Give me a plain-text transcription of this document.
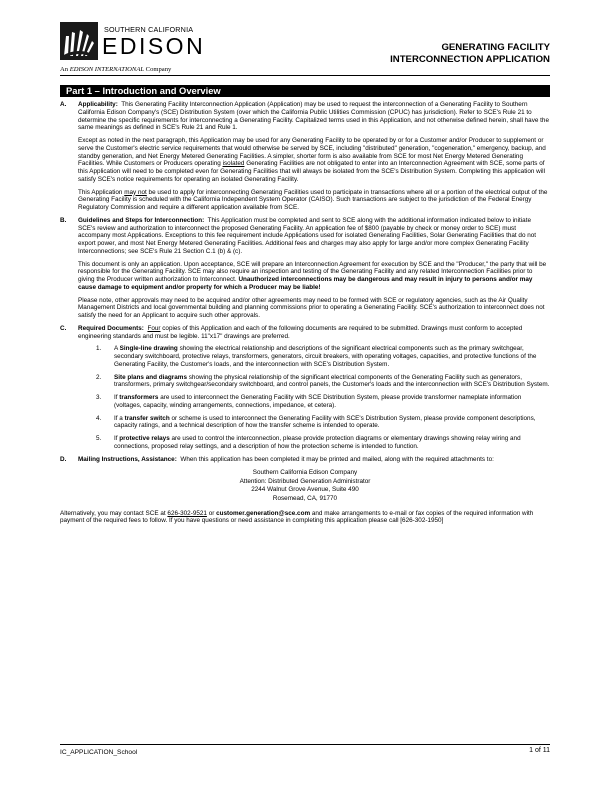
SOUTHERN CALIFORNIA
EDISON
An EDISON INTERNATIONAL Company
GENERATING FACILITY
INTERCONNECTION APPLICATION
Part 1 – Introduction and Overview
A. Applicability: This Generating Facility Interconnection Application (Application) may be used to request the interconnection of a Generating Facility to Southern California Edison Company's (SCE) Distribution System (over which the California Public Utilities Commission (CPUC) has jurisdiction). Refer to SCE's Rule 21 to determine the specific requirements for interconnecting a Generating Facility. Capitalized terms used in this Application, and not otherwise defined herein, shall have the same meanings as defined in SCE's Rule 21 and Rule 1.

Except as noted in the next paragraph, this Application may be used for any Generating Facility to be operated by or for a Customer and/or Producer to supplement or serve the Customer's electric service requirements that would otherwise be served by SCE, including "distributed" generation, "cogeneration," emergency, backup, and standby generation, and Net Energy Metered Generating Facilities. A simpler, shorter form is also available from SCE for most Net Energy Metered Generating Facilities. While Customers or Producers operating isolated Generating Facilities are not obligated to enter into an Interconnection Agreement with SCE, some parts of this Application will need to be completed even for Generating Facilities that will always be isolated from the SCE's Distribution System. Completing this application will satisfy SCE's notice requirements for operating an isolated Generating Facility.

This Application may not be used to apply for interconnecting Generating Facilities used to participate in transactions where all or a portion of the electrical output of the Generating Facility is scheduled with the California Independent System Operator (CAISO). Such transactions are subject to the jurisdiction of the Federal Energy Regulatory Commission and require a different application available from SCE.

B. Guidelines and Steps for Interconnection: This Application must be completed and sent to SCE along with the additional information indicated below to initiate SCE's review and authorization to interconnect the proposed Generating Facility. An application fee of $800 (payable by check or money order to SCE) must accompany most Applications. Exceptions to this fee requirement include Applications used for isolated Generating Facilities, Solar Generating Facilities that do not export power, and most Net Energy Metered Generating Facilities. Additional fees and charges may also apply for large and/or more complex Generating Facility Interconnections; see SCE's Rule 21 Section C.1 (b) & (c).

This document is only an application. Upon acceptance, SCE will prepare an Interconnection Agreement for execution by SCE and the "Producer," the party that will be responsible for the Generating Facility. SCE may also require an inspection and testing of the Generating Facility and any related Interconnection Facilities prior to giving the Producer written authorization to Interconnect. Unauthorized interconnections may be dangerous and may result in injury to persons and/or may cause damage to equipment and/or property for which a Producer may be liable!

Please note, other approvals may need to be acquired and/or other agreements may need to be formed with SCE or regulatory agencies, such as the Air Quality Management Districts and local governmental building and planning commissions prior to operating a Generating Facility. SCE's authorization to interconnect does not satisfy the need for an Applicant to acquire such other approvals.

C. Required Documents: Four copies of this Application and each of the following documents are required to be submitted. Drawings must conform to accepted engineering standards and must be legible. 11"x17" drawings are preferred.

1. A Single-line drawing showing the electrical relationship and descriptions of the significant electrical components such as the primary switchgear, secondary switchboard, protective relays, transformers, generators, circuit breakers, with operating voltages, capacities, and protective functions of the Generating Facility, the Customer's loads, and the interconnection with SCE's Distribution System.
2. Site plans and diagrams showing the physical relationship of the significant electrical components of the Generating Facility such as generators, transformers, primary switchgear/secondary switchboard, and control panels, the Customer's loads and the interconnection with SCE's Distribution System.
3. If transformers are used to interconnect the Generating Facility with SCE Distribution System, please provide transformer nameplate information (voltages, capacity, winding arrangements, connections, impedance, et cetera).
4. If a transfer switch or scheme is used to interconnect the Generating Facility with SCE's Distribution System, please provide component descriptions, capacity ratings, and a technical description of how the transfer scheme is intended to operate.
5. If protective relays are used to control the interconnection, please provide protection diagrams or elementary drawings showing relay wiring and connections, proposed relay settings, and a description of how the protection scheme is intended to function.
D. Mailing Instructions, Assistance: When this application has been completed it may be printed and mailed, along with the required attachments to:

Southern California Edison Company
Attention: Distributed Generation Administrator
2244 Walnut Grove Avenue, Suite 490
Rosemead, CA, 91770

Alternatively, you may contact SCE at 626-302-9521 or customer.generation@sce.com and make arrangements to e-mail or fax copies of the required information with payment of the required fees to follow. If you have questions or need assistance in completing this application please call [626-302-1950]

IC_APPLICATION_School	1 of 11
